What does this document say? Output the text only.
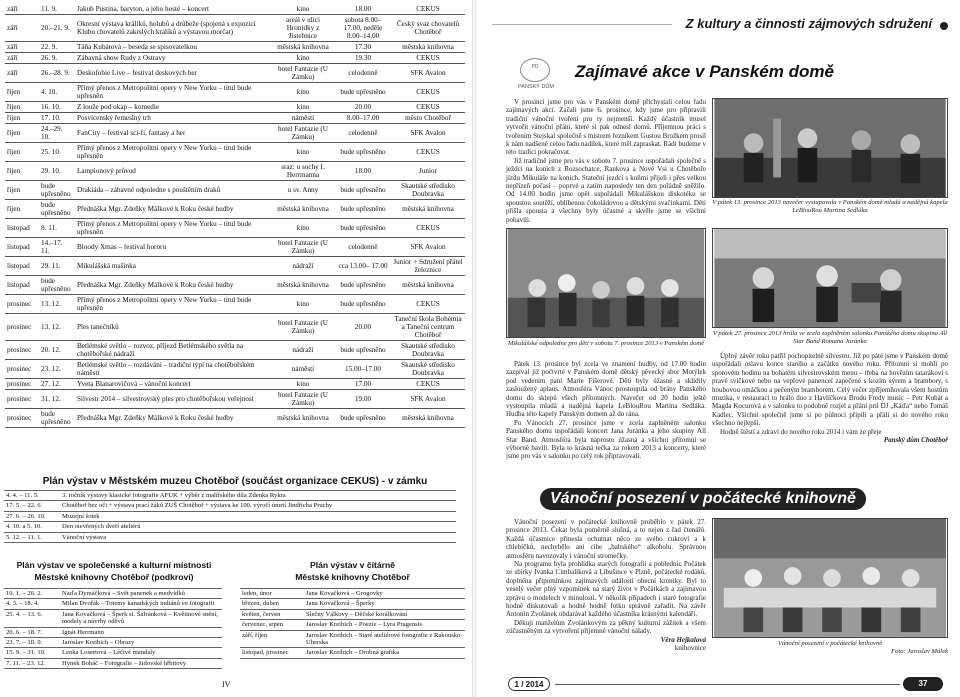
září	11. 9.	Jakub Pustina, baryton, a jeho hosté – koncert	kino	18.00	CEKUS
září	20.–21. 9.	Okresní výstava králíků, holubů a drůbeže (spojená s expozicí Klubu chovatelů zakrslých králíků a výstavou morčat)	areál v ulici Hronidky z Jistebnice	sobota 8.00–17.00, neděle 8.00–14.00	Český svaz chovatelů Chotěboř
září	22. 9.	Táňa Kubátová – beseda se spisovatelkou	městská knihovna	17.30	městská knihovna
září	26. 9.	Zábavná show Rudy z Ostravy	kino	19.30	CEKUS
září	26.–28. 9.	Deskofobie Live – festival deskových her	hotel Fantazie (U Zámku)	celodenně	SFK Avalon
říjen	4. 10.	Přímý přenos z Metropolitní opery v New Yorku – titul bude upřesněn	kino	bude upřesněno	CEKUS
říjen	16. 10.	Z louže pod okap – komedie	kino	20.00	CEKUS
říjen	17. 10.	Posvícenský řemeslný trh	náměstí	8.00–17.00	město Chotěboř
říjen	24.–29. 10.	FanCity – festival sci-fi, fantasy a her	hotel Fantazie (U Zámku)	celodenně	SFK Avalon
říjen	25. 10.	Přímý přenos z Metropolitní opery v New Yorku – titul bude upřesněn	kino	bude upřesněno	CEKUS
říjen	29. 10.	Lampionový průvod	sraz: u sochy I. Herrmanna	18.00	Junior
říjen	bude upřesněno	Drakiáda – zábavné odpoledne s pouštěním draků	u sv. Anny	bude upřesněno	Skautské středisko Doubravka
říjen	bude upřesněno	Přednáška Mgr. Zdeňky Málkové k Roku české hudby	městská knihovna	bude upřesněno	městská knihovna
listopad	8. 11.	Přímý přenos z Metropolitní opery v New Yorku – titul bude upřesněn	kino	bude upřesněno	CEKUS
listopad	14.–17. 11.	Bloody Xmas – festival hororu	hotel Fantazie (U Zámku)	celodenně	SFK Avalon
listopad	29. 11.	Mikulášská mašinka	nádraží	cca 13.00– 17.00	Junior + Sdružení přátel železnice
listopad	bude upřesněno	Přednáška Mgr. Zdeňky Málkové k Roku české hudby	městská knihovna	bude upřesněno	městská knihovna
prosinec	13. 12.	Přímý přenos z Metropolitní opery v New Yorku – titul bude upřesněn	kino	bude upřesněno	CEKUS
prosinec	13. 12.	Ples tanečníků	hotel Fantazie (U Zámku)	20.00	Taneční škola Bohémia a Taneční centrum Chotěboř
prosinec	20. 12.	Betlémské světlo – rozvoz, příjezd Betlémského světla na chotěbořské nádraží	nádraží	bude upřesněno	Skautské středisko Doubravka
prosinec	23. 12.	Betlémské světlo – rozdávání – tradiční týpí na chotěbořském náměstí	náměstí	15.00–17.00	Skautské středisko Doubravka
prosinec	27. 12.	Yveta Blanarovičová – vánoční koncert	kino	17.00	CEKUS
prosinec	31. 12.	Silvestr 2014 – silvestrovský ples pro chotěbořskou veřejnost	hotel Fantazie (U Zámku)	19.00	SFK Avalon
prosinec	bude upřesněno	Přednáška Mgr. Zdeňky Málkové k Roku české hudby	městská knihovna	bude upřesněno	městská knihovna
Plán výstav v Městském muzeu Chotěboř (součást organizace CEKUS) - v zámku
4. 4. – 11. 5.	3. ročník výstavy klasické fotografie AFUK + výběr z malířského díla Zdenka Rykra
17. 5. – 22. 6	Chotěboř bez oči + výstava prací žáků ZUŠ Chotěboř + výstava ke 100. výročí úmrtí Jindřicha Pruchy
27. 6. – 26. 10.	Muzejní šotek
4. 10. a 5. 10.	Den otevřených dveří ateliérů
5. 12. – 11. 1.	Vánoční výstava
Plán výstav ve společenské a kulturní místnosti
Městské knihovny Chotěboř (podkroví)
10. 1. – 26. 2.	Naďa Dymáčková – Svět panenek a medvídků
4. 3. – 18. 4.	Milan Dvořák – Totemy kanadských indiánů ve fotografii
25. 4. – 13. 6.	Jana Kovačková – Šperk si. Šafránková – Květinové snění, modely a návrhy oděvů
20. 6. – 18. 7.	Ignát Herrmann
23. 7. – 10. 9.	Jaroslav Kreibich – Obrazy
15. 9. – 31. 10.	Lenka Losertová – Léčivé mandaly
7. 11. – 23. 12.	Hynek Boháč – Fotografie – židovské hřbitovy
Plán výstav v čítárně
Městské knihovny Chotěboř
leden, únor	Jana Kovačková – Grogovky
březen, duben	Jana Kovačková – Šperky
květen, červen	Slečny Válkovy – Děčské korálkování
červenec, srpen	Jaroslav Kreibich – Poezie – Lyra Pragensis
září, říjen	Jaroslav Kreibich – Staré ateliérové fotografie z Rakousko-Uherska
listopad, prosinec	Jaroslav Kreibich – Drobná grafika
IV
Z kultury a činnosti zájmových sdružení
PD
PANSKÝ DŮM
Zajímavé akce v Panském domě

V prosinci jsme pro vás v Panském domě přichystali celou řadu zajímavých akcí. Začali jsme 6. prosince, kdy jsme pro připravili tradiční vánoční tvoření pro ty nejmenší. Každý účastník musel vytvořit vánoční přání, které si pak odnesl domů. Příjemnou práci s tvořením Stejskal společně s mistrem řezníkem Gustou Brožkem prosil k nám nadšeně celou řadu nadílek, které měl zapraskat. Rádi budeme v této tradici pokračovat.

Již tradičně jsme pro vás v sobotu 7. prosince uspořádali společně s ježdci na koních z Rozsochatce, Rankova a Nové Vsi u Chotěboře jízdu Mikuláše na koních. Stateční jezdci s koňmi přijeli i přes velkou nepřízeň počasí – poprvé a zatím naposledy ten den pořádně sněžilo. Od 14.00 hodin jsme opět uspořádali Mikulášskou diskotéku se spoustou soutěží, oblíbenou čokoládovou a dětskými svačinkami. Děti přišla spousta a všechny byly účastné a skvěle jsme se všichni pobavili.

V pátek 13. prosince 2013 navečer vystupovala v Panském domě mladá a nadějná kapela LeBlouRou Martina Sedláka
Mikulášské odpoledne pro děti v sobotu 7. prosince 2013 v Panském domě

Pátek 13. prosince byl zcela ve znamení hudby, od 17.00 hodin zazpíval již počtvrté v Panském domě dětský pěvecký sbor Motýlek pod vedením paní Marie Fišerové. Děti byly úžasné a sklidily zasloužený aplaus. Atmosféra Vánoc prostoupila od brány Panského domu do sklepů všech přítomných. Navečer od 20 hodin ještě vystoupila mladá a nadějná kapela LeBlouRou Martina Sedláka. Hudba této kapely Panským domem až do rána.

Po Vánocích 27. prosince jsme v zcela zaplněném salonku Panského domu uspořádali koncert Jana Juránka a jeho skupiny All Star Band. Atmosféra byla naprosto úžasná a všichni přítomní se výborně bavili. Byla to krásná tečka za rokem 2013 a koncerty, které jsme pro vás v salonku po celý rok připravovali.

V pátek 27. prosince 2013 hrála ve zcela zaplněném salonku Panského domu skupina All Star Band Romana Juránka

Úplný závěr roku patřil pochopitelně silvestru. Již po páté jsme v Panském domě uspořádali oslavu konce starého a začátku nového roku. Přítomní si mohli po sporovém hodinu na bohatém silvestrovském menu – třeba na hovězím tatarákovi s pravé svíčkové nebo na vepřové panenceí zapečené s kozím sýrem a brambory, s houbovou omáčkou a pečeným bramborem. Celý večer zpříjemňovala všem hostům muzika, v restauraci to hrálo duo z Havlíčkova Brodu Fredy music – Petr Kubát a Magda Kocurová a v salonku to podobně rozjel a přání pril DJ „Káďa“ nebo Tomáš Kadlec. Všichni společně jsme si po půlnoci připili a přáli si do nového roku všechno nejlepší.

Hodně štěstí a zdraví do nového roku 2014 i vám ze přeje

Panský dům Chotěboř
Vánoční posezení v počátecké knihovně

Vánoční posezení v počátecké knihovně proběhlo v pátek 27. prosince 2013. Čekat byla poměrně slušná, a to nejen z řad čtenářů. Každá účastnice přinesla ochutnat něco ze svého cukroví a k chlebíčků, nechybělo ani cibe „babského“ alkoholu. Správnou atmosféru navozovaly i vánoční stromečky.

Na programu byla prohlídka starých fotografií a poblednic Počátek ze sbírky Ivanka Cimbalíková a Libušince v Plzně, počátecké rodáků, doplněna připomínkou zajímavých událostí obecní kroniky. Byl to veselý večer plný vzpomínek na starý život v Počátkách a zajímavou zprávu o modelech v minulosti. V několik případech i staré fotografie hodně diskutovali a hodně hodně fotku správně zařadit. Na závěr Antonín Zvolánek obdarával každého účastníka krásnými kalendáři.

Děkuji manželům Zvolánkovým za pěkný kulturní zážitek a všem zúčastněným za vytvoření příjemné vánoční nálady.

Věra Hejkalová
knihovnice
Vánoční posezení v počátecké knihovně
Foto: Jaroslav Málek
1 / 2014	37
